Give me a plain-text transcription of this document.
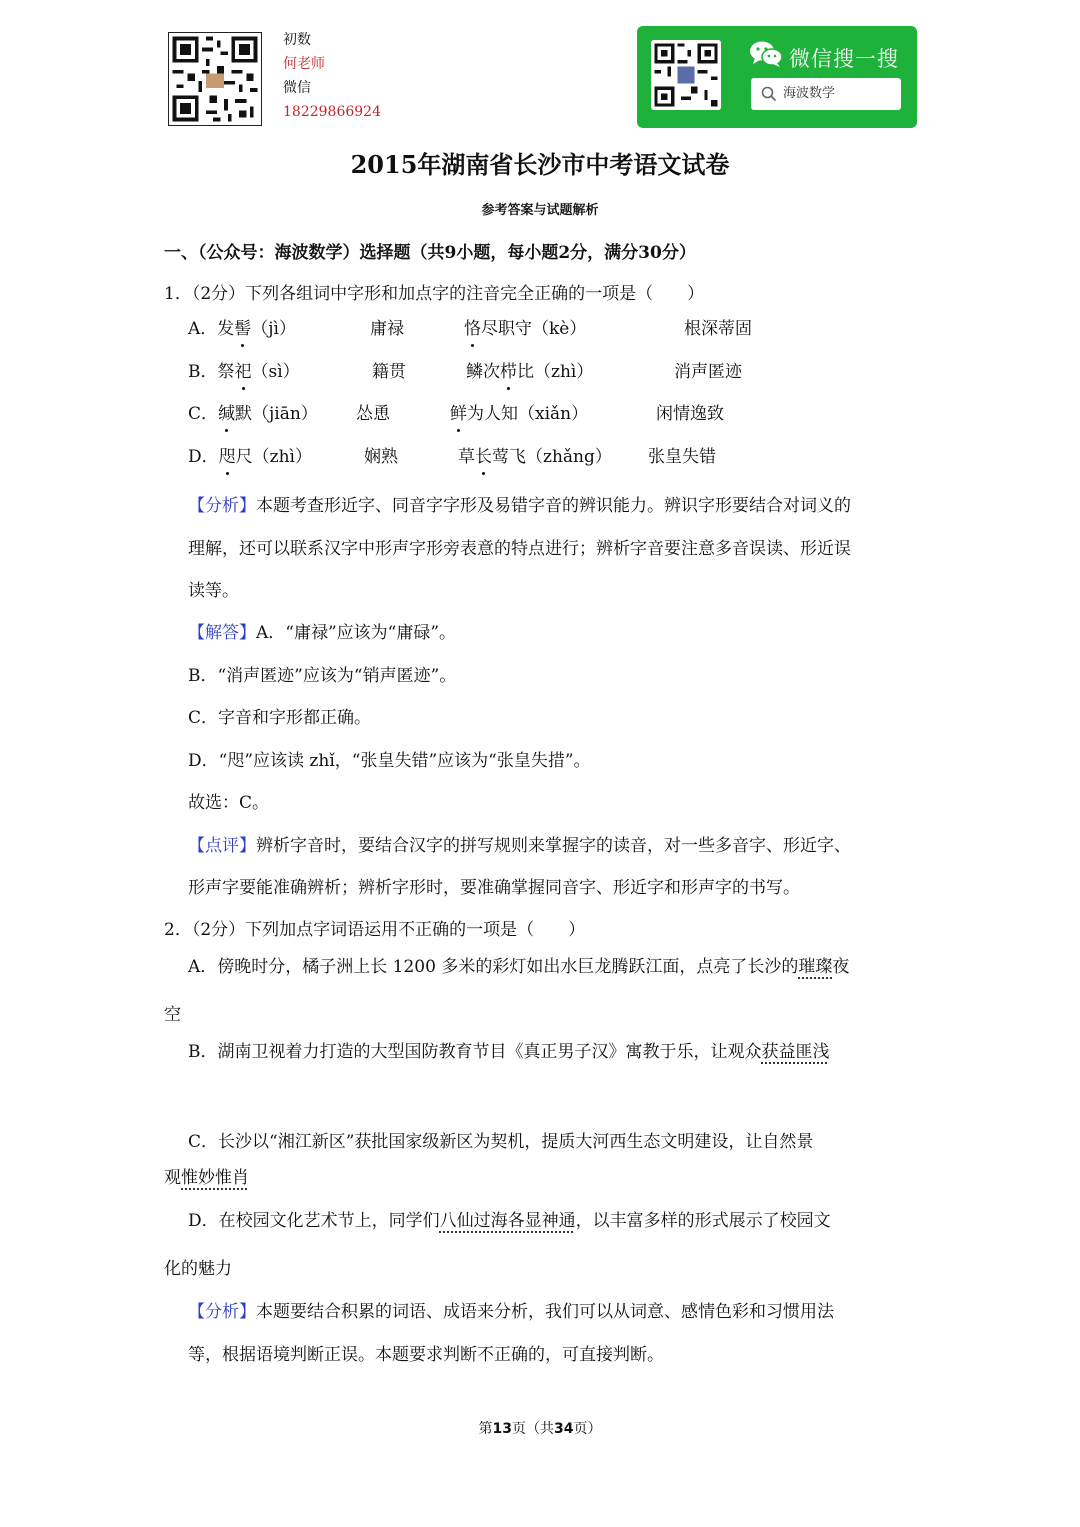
初数
何老师
微信
18229866924
微信搜一搜
海波数学
2015年湖南省长沙市中考语文试卷
参考答案与试题解析
一、（公众号：海波数学）选择题（共9小题，每小题2分，满分30分）
1．（2分）下列各组词中字形和加点字的注音完全正确的一项是（　　）
A．发髻（jì）	庸禄	恪尽职守（kè）	根深蒂固
B．祭祀（sì）	籍贯	鳞次栉比（zhì）	消声匿迹
C．缄默（jiān） 怂恿	鲜为人知（xiǎn）	闲情逸致
D．咫尺（zhì）	娴熟	草长莺飞（zhǎng） 张皇失错
【分析】本题考查形近字、同音字字形及易错字音的辨识能力。辨识字形要结合对词义的
理解，还可以联系汉字中形声字形旁表意的特点进行；辨析字音要注意多音误读、形近误
读等。
【解答】A．“庸禄”应该为“庸碌”。
B．“消声匿迹”应该为“销声匿迹”。
C．字音和字形都正确。
D．“咫”应该读 zhǐ，“张皇失错”应该为“张皇失措”。
故选：C。
【点评】辨析字音时，要结合汉字的拼写规则来掌握字的读音，对一些多音字、形近字、
形声字要能准确辨析；辨析字形时，要准确掌握同音字、形近字和形声字的书写。
2．（2分）下列加点字词语运用不正确的一项是（　　）
A．傍晚时分，橘子洲上长 1200 多米的彩灯如出水巨龙腾跃江面，点亮了长沙的璀璨夜
空
B．湖南卫视着力打造的大型国防教育节目《真正男子汉》寓教于乐，让观众获益匪浅
C．长沙以“湘江新区”获批国家级新区为契机，提质大河西生态文明建设，让自然景
观惟妙惟肖
D．在校园文化艺术节上，同学们八仙过海各显神通，以丰富多样的形式展示了校园文
化的魅力
【分析】本题要结合积累的词语、成语来分析，我们可以从词意、感情色彩和习惯用法
等，根据语境判断正误。本题要求判断不正确的，可直接判断。
第13页（共34页）
